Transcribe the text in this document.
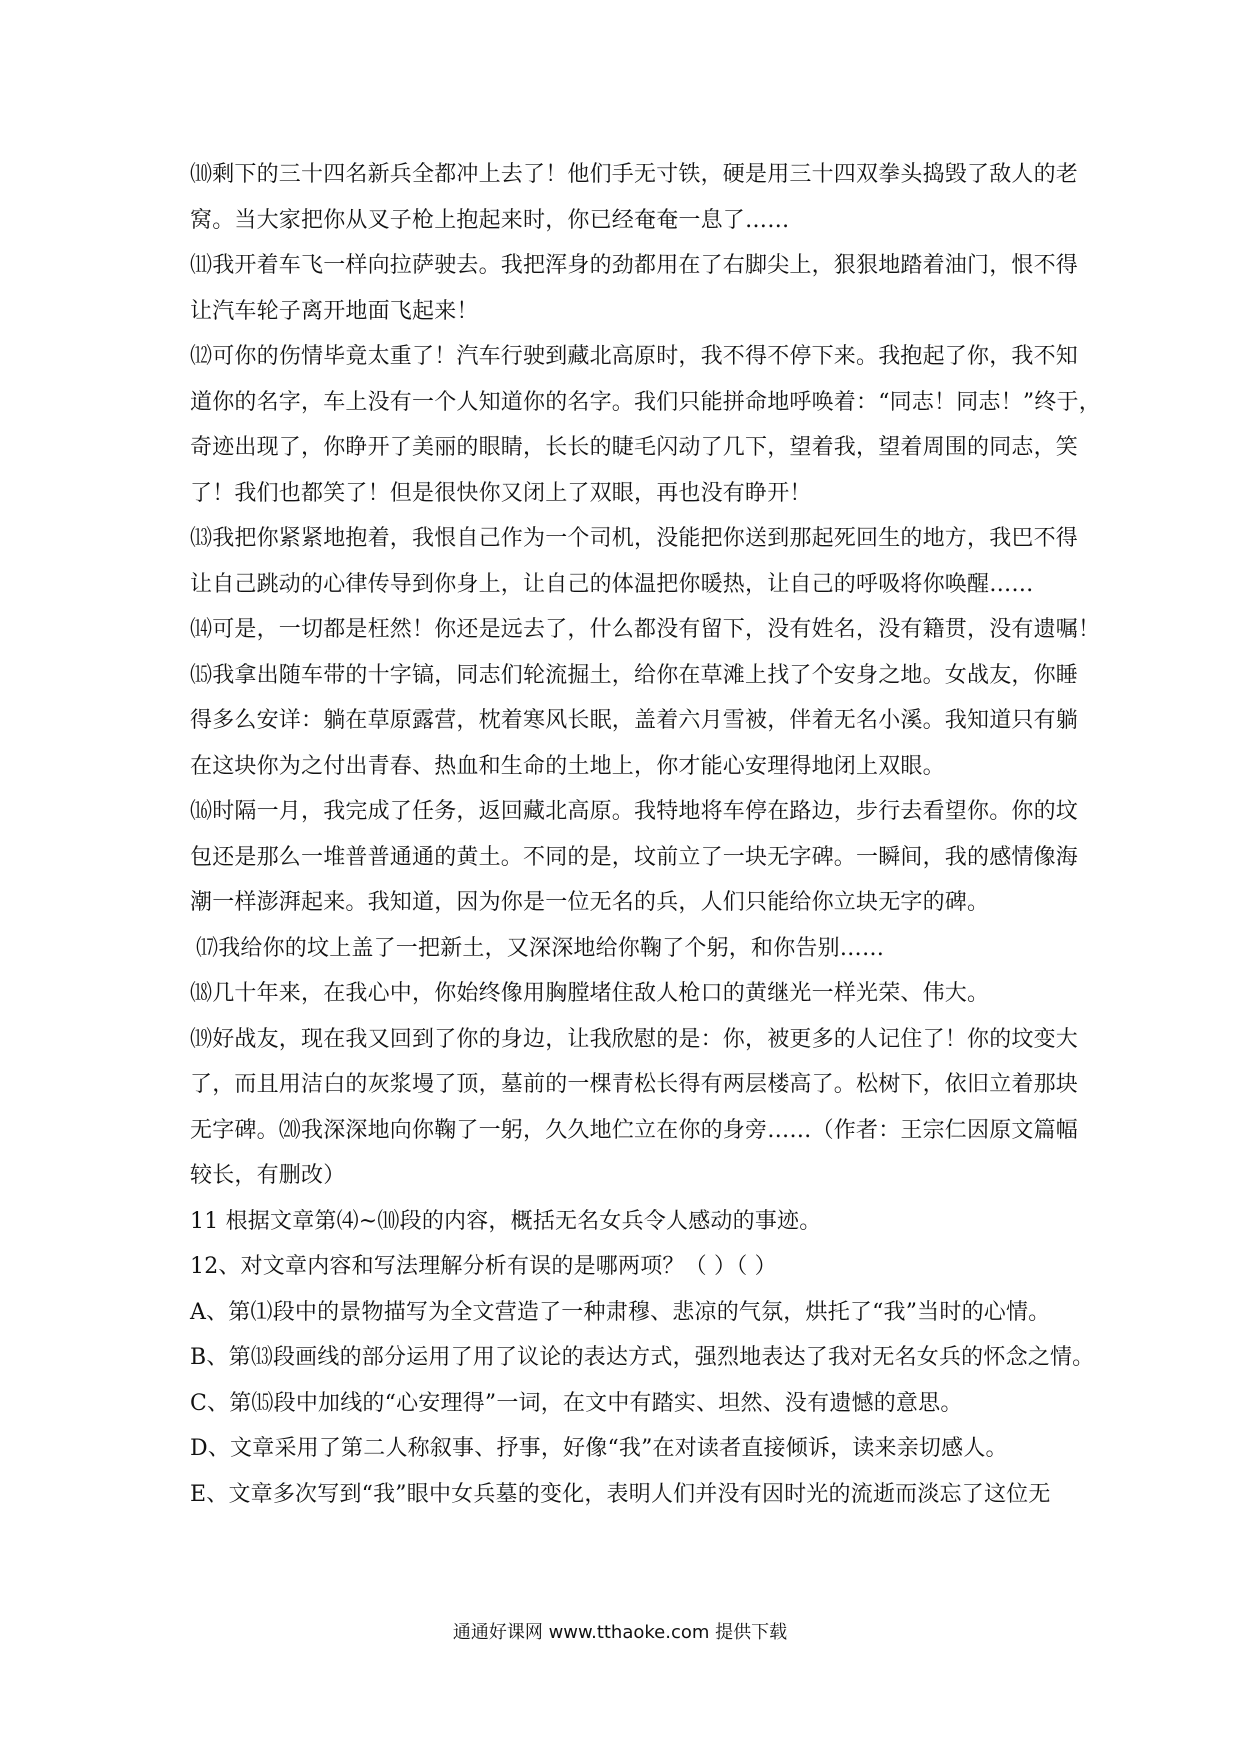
⑽剩下的三十四名新兵全都冲上去了！他们手无寸铁，硬是用三十四双拳头捣毁了敌人的老
窝。当大家把你从叉子枪上抱起来时，你已经奄奄一息了……
⑾我开着车飞一样向拉萨驶去。我把浑身的劲都用在了右脚尖上，狠狠地踏着油门，恨不得
让汽车轮子离开地面飞起来！
⑿可你的伤情毕竟太重了！汽车行驶到藏北高原时，我不得不停下来。我抱起了你，我不知
道你的名字，车上没有一个人知道你的名字。我们只能拼命地呼唤着：“同志！同志！”终于，
奇迹出现了，你睁开了美丽的眼睛，长长的睫毛闪动了几下，望着我，望着周围的同志，笑
了！我们也都笑了！但是很快你又闭上了双眼，再也没有睁开！
⒀我把你紧紧地抱着，我恨自己作为一个司机，没能把你送到那起死回生的地方，我巴不得
让自己跳动的心律传导到你身上，让自己的体温把你暖热，让自己的呼吸将你唤醒……
⒁可是，一切都是枉然！你还是远去了，什么都没有留下，没有姓名，没有籍贯，没有遗嘱！
⒂我拿出随车带的十字镐，同志们轮流掘土，给你在草滩上找了个安身之地。女战友，你睡
得多么安详：躺在草原露营，枕着寒风长眠，盖着六月雪被，伴着无名小溪。我知道只有躺
在这块你为之付出青春、热血和生命的土地上，你才能心安理得地闭上双眼。
⒃时隔一月，我完成了任务，返回藏北高原。我特地将车停在路边，步行去看望你。你的坟
包还是那么一堆普普通通的黄土。不同的是，坟前立了一块无字碑。一瞬间，我的感情像海
潮一样澎湃起来。我知道，因为你是一位无名的兵，人们只能给你立块无字的碑。
⒄我给你的坟上盖了一把新土，又深深地给你鞠了个躬，和你告别……
⒅几十年来，在我心中，你始终像用胸膛堵住敌人枪口的黄继光一样光荣、伟大。
⒆好战友，现在我又回到了你的身边，让我欣慰的是：你，被更多的人记住了！你的坟变大
了，而且用洁白的灰浆墁了顶，墓前的一棵青松长得有两层楼高了。松树下，依旧立着那块
无字碑。⒇我深深地向你鞠了一躬，久久地伫立在你的身旁……（作者：王宗仁因原文篇幅
较长，有删改）
11 根据文章第⑷~⑽段的内容，概括无名女兵令人感动的事迹。
12、对文章内容和写法理解分析有误的是哪两项？（ ）（ ）
A、第⑴段中的景物描写为全文营造了一种肃穆、悲凉的气氛，烘托了“我”当时的心情。
B、第⒀段画线的部分运用了用了议论的表达方式，强烈地表达了我对无名女兵的怀念之情。
C、第⒂段中加线的“心安理得”一词，在文中有踏实、坦然、没有遗憾的意思。
D、文章采用了第二人称叙事、抒事，好像“我”在对读者直接倾诉，读来亲切感人。
E、文章多次写到“我”眼中女兵墓的变化，表明人们并没有因时光的流逝而淡忘了这位无
通通好课网 www.tthaoke.com 提供下载
